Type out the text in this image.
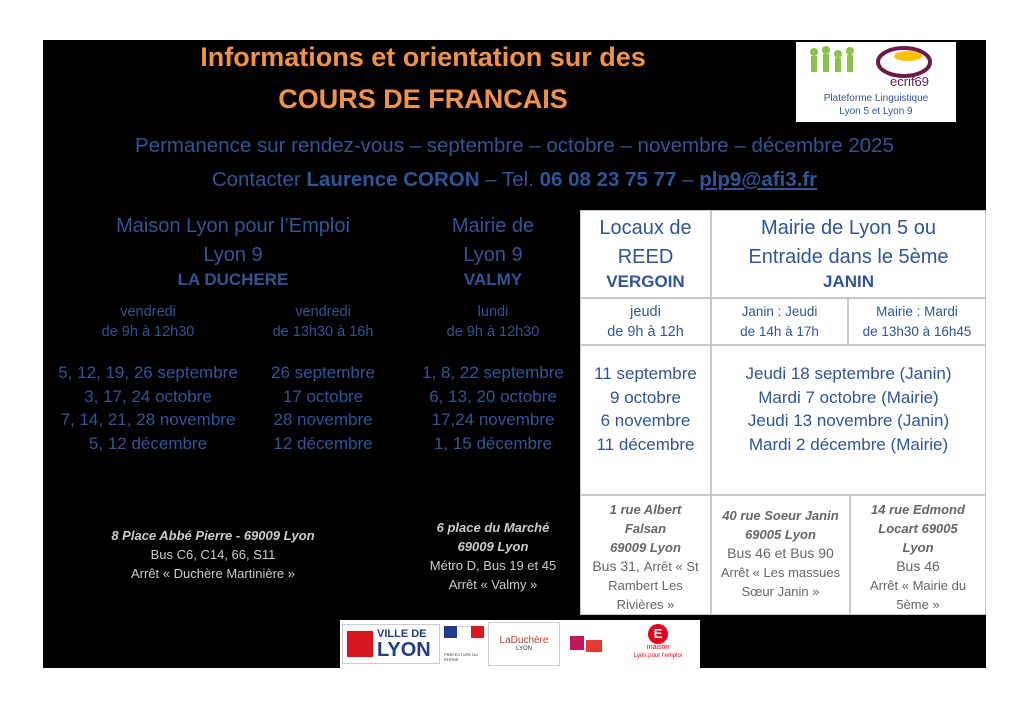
Informations et orientation sur des
COURS DE FRANCAIS
ecrif69
Plateforme Linguistique
Lyon 5 et Lyon 9
Permanence sur rendez-vous – septembre – octobre – novembre – décembre 2025
Contacter Laurence CORON – Tel. 06 08 23 75 77 – plp9@afi3.fr
Maison Lyon pour l’Emploi
Lyon 9
LA DUCHERE
vendredi
de 9h à 12h30
vendredi
de 13h30 à 16h
5, 12, 19, 26 septembre
3, 17, 24 octobre
7, 14, 21, 28 novembre
5, 12 décembre
26 septembre
17 octobre
28 novembre
12 décembre
8 Place Abbé Pierre - 69009 Lyon
Bus C6, C14, 66, S11
Arrêt « Duchère Martinière »
Mairie de
Lyon 9
VALMY
lundi
de 9h à 12h30
1, 8, 22 septembre
6, 13, 20 octobre
17,24 novembre
1, 15 décembre
6 place du Marché
69009 Lyon
Métro D, Bus 19 et 45
Arrêt « Valmy »
Locaux de
REED
VERGOIN
Mairie de Lyon 5 ou
Entraide dans le 5ème
JANIN
jeudi
de 9h à 12h
Janin : Jeudi
de 14h à 17h
Mairie : Mardi
de 13h30 à 16h45
11 septembre
9 octobre
6 novembre
11 décembre
Jeudi 18 septembre (Janin)
Mardi 7 octobre (Mairie)
Jeudi 13 novembre (Janin)
Mardi 2 décembre (Mairie)
1 rue Albert
Falsan
69009 Lyon
Bus 31, Arrêt « St
Rambert Les
Rivières »
40 rue Soeur Janin
69005 Lyon
Bus 46 et Bus 90
Arrêt « Les massues
Sœur Janin »
14 rue Edmond
Locart 69005
Lyon
Bus 46
Arrêt « Mairie du
5ème »
VILLE DE
LYON	PRÉFECTURE DU RHÔNE
LaDuchère
LYON
E
maison
Lyon pour l'emploi
